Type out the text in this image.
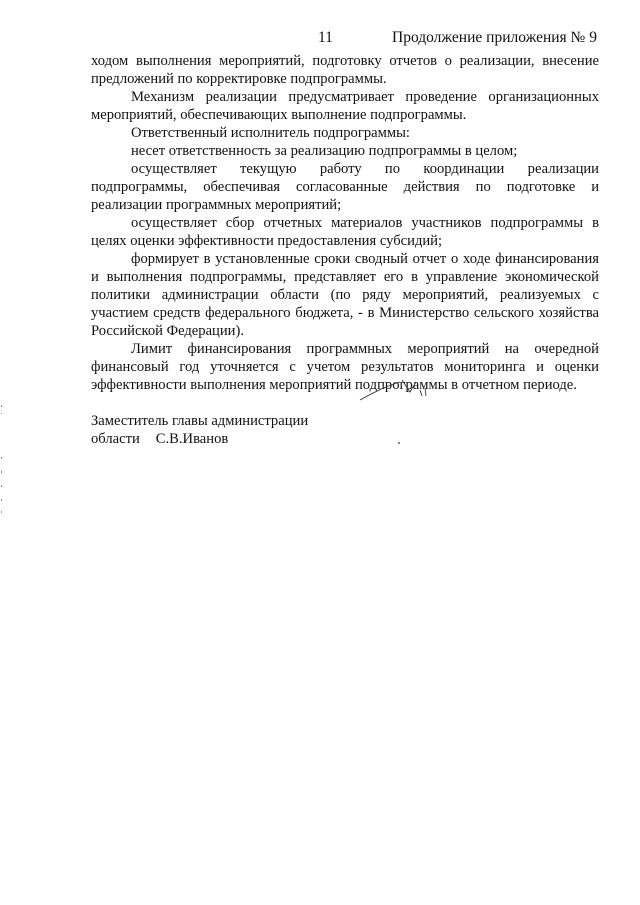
11	Продолжение приложения № 9

ходом выполнения мероприятий, подготовку отчетов о реализации, внесение предложений по корректировке подпрограммы.

Механизм реализации предусматривает проведение организационных мероприятий, обеспечивающих выполнение подпрограммы.

Ответственный исполнитель подпрограммы:

несет ответственность за реализацию подпрограммы в целом;

осуществляет текущую работу по координации реализации подпрограммы, обеспечивая согласованные действия по подготовке и реализации программных мероприятий;

осуществляет сбор отчетных материалов участников подпрограммы в целях оценки эффективности предоставления субсидий;

формирует в установленные сроки сводный отчет о ходе финансирования и выполнения подпрограммы, представляет его в управление экономической политики администрации области (по ряду мероприятий, реализуемых с участием средств федерального бюджета, - в Министерство сельского хозяйства Российской Федерации).

Лимит финансирования программных мероприятий на очередной финансовый год уточняется с учетом результатов мониторинга и оценки эффективности выполнения мероприятий подпрограммы в отчетном периоде.

Заместитель главы администрации
области С.В.Иванов
